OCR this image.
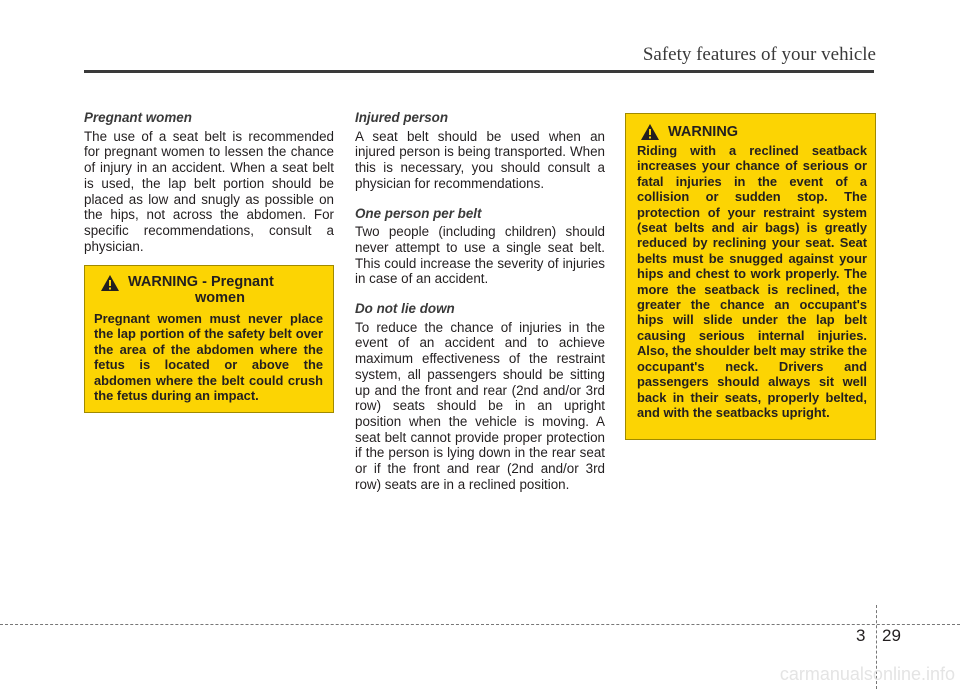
Safety features of your vehicle
Pregnant women
The use of a seat belt is recommended for pregnant women to lessen the chance of injury in an accident. When a seat belt is used, the lap belt portion should be placed as low and snugly as possible on the hips, not across the abdomen. For specific recommendations, consult a physician.
WARNING - Pregnant
women
Pregnant women must never place the lap portion of the safety belt over the area of the abdomen where the fetus is located or above the abdomen where the belt could crush the fetus during an impact.
Injured person
A seat belt should be used when an injured person is being transported. When this is necessary, you should consult a physician for recommendations.
One person per belt
Two people (including children) should never attempt to use a single seat belt. This could increase the severity of injuries in case of an accident.
Do not lie down
To reduce the chance of injuries in the event of an accident and to achieve maximum effectiveness of the restraint system, all passengers should be sitting up and the front and rear (2nd and/or 3rd row) seats should be in an upright position when the vehicle is moving. A seat belt cannot provide proper protection if the person is lying down in the rear seat or if the front and rear (2nd and/or 3rd row) seats are in a reclined position.
WARNING
Riding with a reclined seatback increases your chance of serious or fatal injuries in the event of a collision or sudden stop. The protection of your restraint system (seat belts and air bags) is greatly reduced by reclining your seat. Seat belts must be snugged against your hips and chest to work properly. The more the seatback is reclined, the greater the chance an occupant's hips will slide under the lap belt causing serious internal injuries. Also, the shoulder belt may strike the occupant's neck. Drivers and passengers should always sit well back in their seats, properly belted, and with the seatbacks upright.
3 29
carmanualsonline.info
